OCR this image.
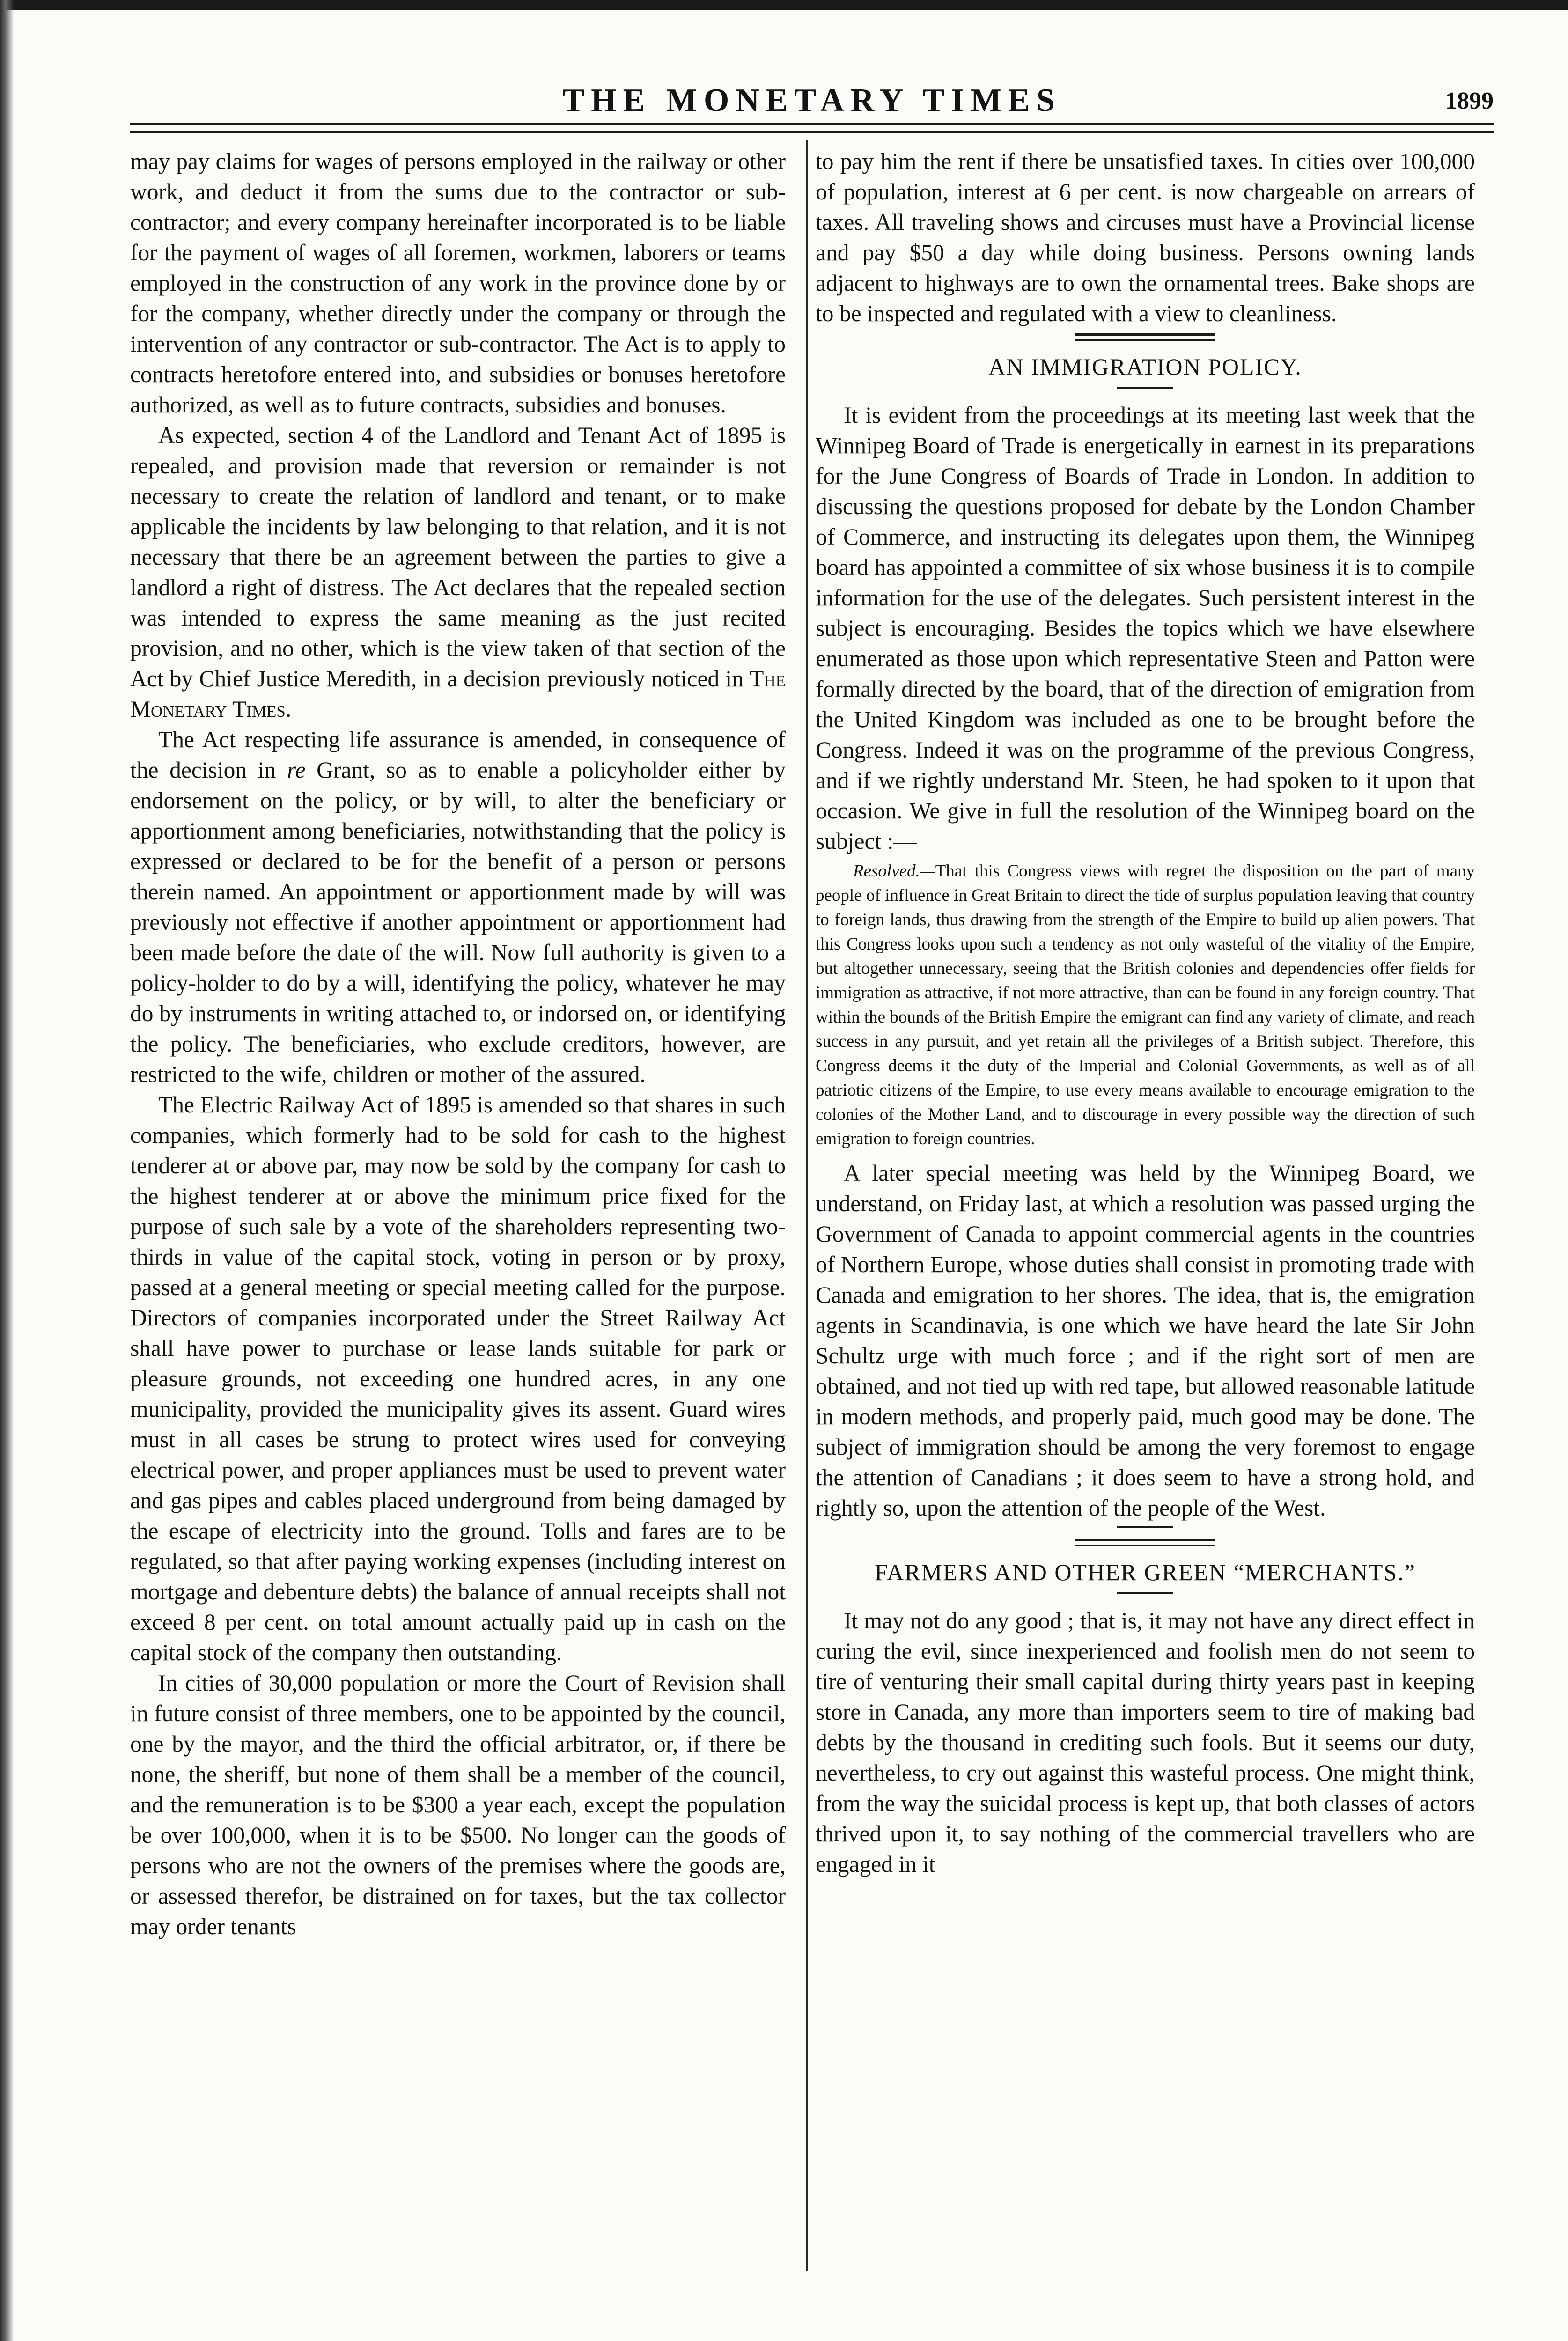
THE MONETARY TIMES	1899

may pay claims for wages of persons employed in the railway or other work, and deduct it from the sums due to the contractor or sub-contractor; and every company hereinafter incorporated is to be liable for the payment of wages of all foremen, workmen, laborers or teams employed in the construction of any work in the province done by or for the company, whether directly under the company or through the intervention of any contractor or sub-contractor. The Act is to apply to contracts heretofore entered into, and subsidies or bonuses heretofore authorized, as well as to future contracts, subsidies and bonuses.

As expected, section 4 of the Landlord and Tenant Act of 1895 is repealed, and provision made that reversion or remainder is not necessary to create the relation of landlord and tenant, or to make applicable the incidents by law belonging to that relation, and it is not necessary that there be an agreement between the parties to give a landlord a right of distress. The Act declares that the repealed section was intended to express the same meaning as the just recited provision, and no other, which is the view taken of that section of the Act by Chief Justice Meredith, in a decision previously noticed in The Monetary Times.

The Act respecting life assurance is amended, in consequence of the decision in re Grant, so as to enable a policyholder either by endorsement on the policy, or by will, to alter the beneficiary or apportionment among beneficiaries, notwithstanding that the policy is expressed or declared to be for the benefit of a person or persons therein named. An appointment or apportionment made by will was previously not effective if another appointment or apportionment had been made before the date of the will. Now full authority is given to a policy-holder to do by a will, identifying the policy, whatever he may do by instruments in writing attached to, or indorsed on, or identifying the policy. The beneficiaries, who exclude creditors, however, are restricted to the wife, children or mother of the assured.

The Electric Railway Act of 1895 is amended so that shares in such companies, which formerly had to be sold for cash to the highest tenderer at or above par, may now be sold by the company for cash to the highest tenderer at or above the minimum price fixed for the purpose of such sale by a vote of the shareholders representing two-thirds in value of the capital stock, voting in person or by proxy, passed at a general meeting or special meeting called for the purpose. Directors of companies incorporated under the Street Railway Act shall have power to purchase or lease lands suitable for park or pleasure grounds, not exceeding one hundred acres, in any one municipality, provided the municipality gives its assent. Guard wires must in all cases be strung to protect wires used for conveying electrical power, and proper appliances must be used to prevent water and gas pipes and cables placed underground from being damaged by the escape of electricity into the ground. Tolls and fares are to be regulated, so that after paying working expenses (including interest on mortgage and debenture debts) the balance of annual receipts shall not exceed 8 per cent. on total amount actually paid up in cash on the capital stock of the company then outstanding.

In cities of 30,000 population or more the Court of Revision shall in future consist of three members, one to be appointed by the council, one by the mayor, and the third the official arbitrator, or, if there be none, the sheriff, but none of them shall be a member of the council, and the remuneration is to be $300 a year each, except the population be over 100,000, when it is to be $500. No longer can the goods of persons who are not the owners of the premises where the goods are, or assessed therefor, be distrained on for taxes, but the tax collector may order tenants

to pay him the rent if there be unsatisfied taxes. In cities over 100,000 of population, interest at 6 per cent. is now chargeable on arrears of taxes. All traveling shows and circuses must have a Provincial license and pay $50 a day while doing business. Persons owning lands adjacent to highways are to own the ornamental trees. Bake shops are to be inspected and regulated with a view to cleanliness.

AN IMMIGRATION POLICY.

It is evident from the proceedings at its meeting last week that the Winnipeg Board of Trade is energetically in earnest in its preparations for the June Congress of Boards of Trade in London. In addition to discussing the questions proposed for debate by the London Chamber of Commerce, and instructing its delegates upon them, the Winnipeg board has appointed a committee of six whose business it is to compile information for the use of the delegates. Such persistent interest in the subject is encouraging. Besides the topics which we have elsewhere enumerated as those upon which representative Steen and Patton were formally directed by the board, that of the direction of emigration from the United Kingdom was included as one to be brought before the Congress. Indeed it was on the programme of the previous Congress, and if we rightly understand Mr. Steen, he had spoken to it upon that occasion. We give in full the resolution of the Winnipeg board on the subject :—

Resolved.—That this Congress views with regret the disposition on the part of many people of influence in Great Britain to direct the tide of surplus population leaving that country to foreign lands, thus drawing from the strength of the Empire to build up alien powers. That this Congress looks upon such a tendency as not only wasteful of the vitality of the Empire, but altogether unnecessary, seeing that the British colonies and dependencies offer fields for immigration as attractive, if not more attractive, than can be found in any foreign country. That within the bounds of the British Empire the emigrant can find any variety of climate, and reach success in any pursuit, and yet retain all the privileges of a British subject. Therefore, this Congress deems it the duty of the Imperial and Colonial Governments, as well as of all patriotic citizens of the Empire, to use every means available to encourage emigration to the colonies of the Mother Land, and to discourage in every possible way the direction of such emigration to foreign countries.

A later special meeting was held by the Winnipeg Board, we understand, on Friday last, at which a resolution was passed urging the Government of Canada to appoint commercial agents in the countries of Northern Europe, whose duties shall consist in promoting trade with Canada and emigration to her shores. The idea, that is, the emigration agents in Scandinavia, is one which we have heard the late Sir John Schultz urge with much force ; and if the right sort of men are obtained, and not tied up with red tape, but allowed reasonable latitude in modern methods, and properly paid, much good may be done. The subject of immigration should be among the very foremost to engage the attention of Canadians ; it does seem to have a strong hold, and rightly so, upon the attention of the people of the West.

FARMERS AND OTHER GREEN “MERCHANTS.”

It may not do any good ; that is, it may not have any direct effect in curing the evil, since inexperienced and foolish men do not seem to tire of venturing their small capital during thirty years past in keeping store in Canada, any more than importers seem to tire of making bad debts by the thousand in crediting such fools. But it seems our duty, nevertheless, to cry out against this wasteful process. One might think, from the way the suicidal process is kept up, that both classes of actors thrived upon it, to say nothing of the commercial travellers who are engaged in it
